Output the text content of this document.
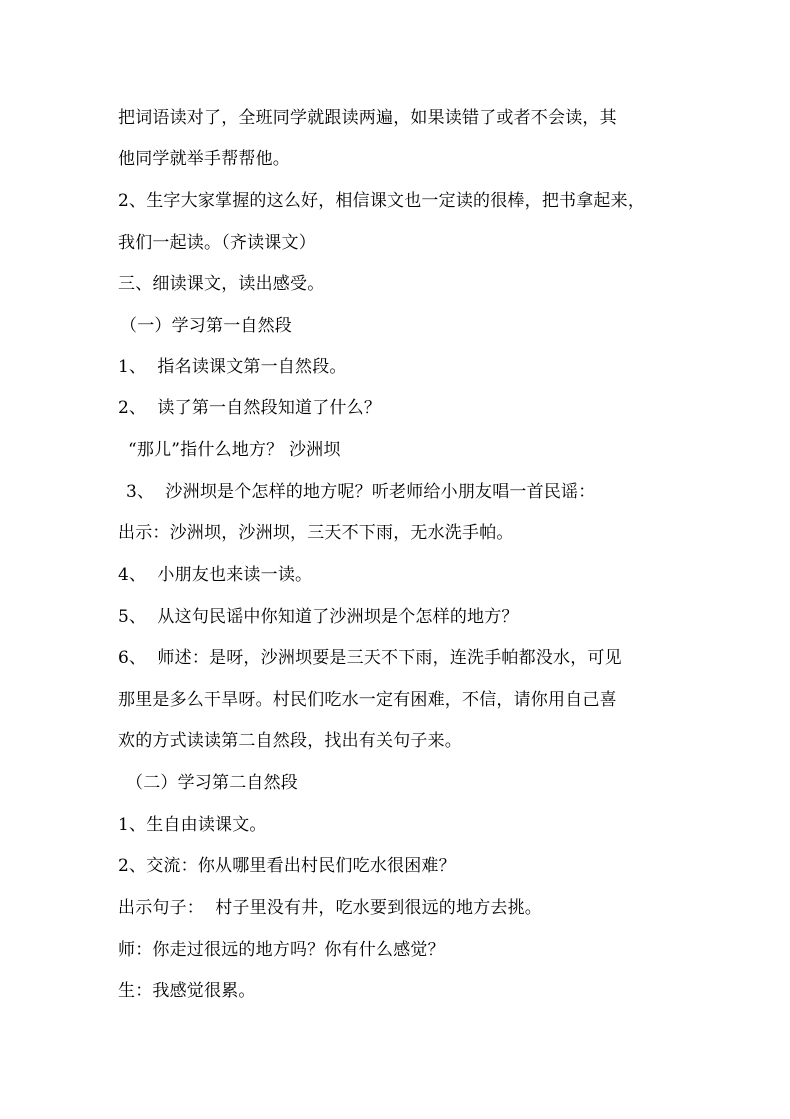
把词语读对了，全班同学就跟读两遍，如果读错了或者不会读，其
他同学就举手帮帮他。
2、生字大家掌握的这么好，相信课文也一定读的很棒，把书拿起来，
我们一起读。（齐读课文）
三、细读课文，读出感受。
（一）学习第一自然段
1、  指名读课文第一自然段。
2、  读了第一自然段知道了什么？
“那儿”指什么地方？ 沙洲坝
3、  沙洲坝是个怎样的地方呢？听老师给小朋友唱一首民谣：
出示：沙洲坝，沙洲坝，三天不下雨，无水洗手帕。
4、  小朋友也来读一读。
5、  从这句民谣中你知道了沙洲坝是个怎样的地方？
6、  师述：是呀，沙洲坝要是三天不下雨，连洗手帕都没水，可见
那里是多么干旱呀。村民们吃水一定有困难，不信，请你用自己喜
欢的方式读读第二自然段，找出有关句子来。
（二）学习第二自然段
1、生自由读课文。
2、交流：你从哪里看出村民们吃水很困难？
出示句子：  村子里没有井，吃水要到很远的地方去挑。
师：你走过很远的地方吗？你有什么感觉？
生：我感觉很累。
